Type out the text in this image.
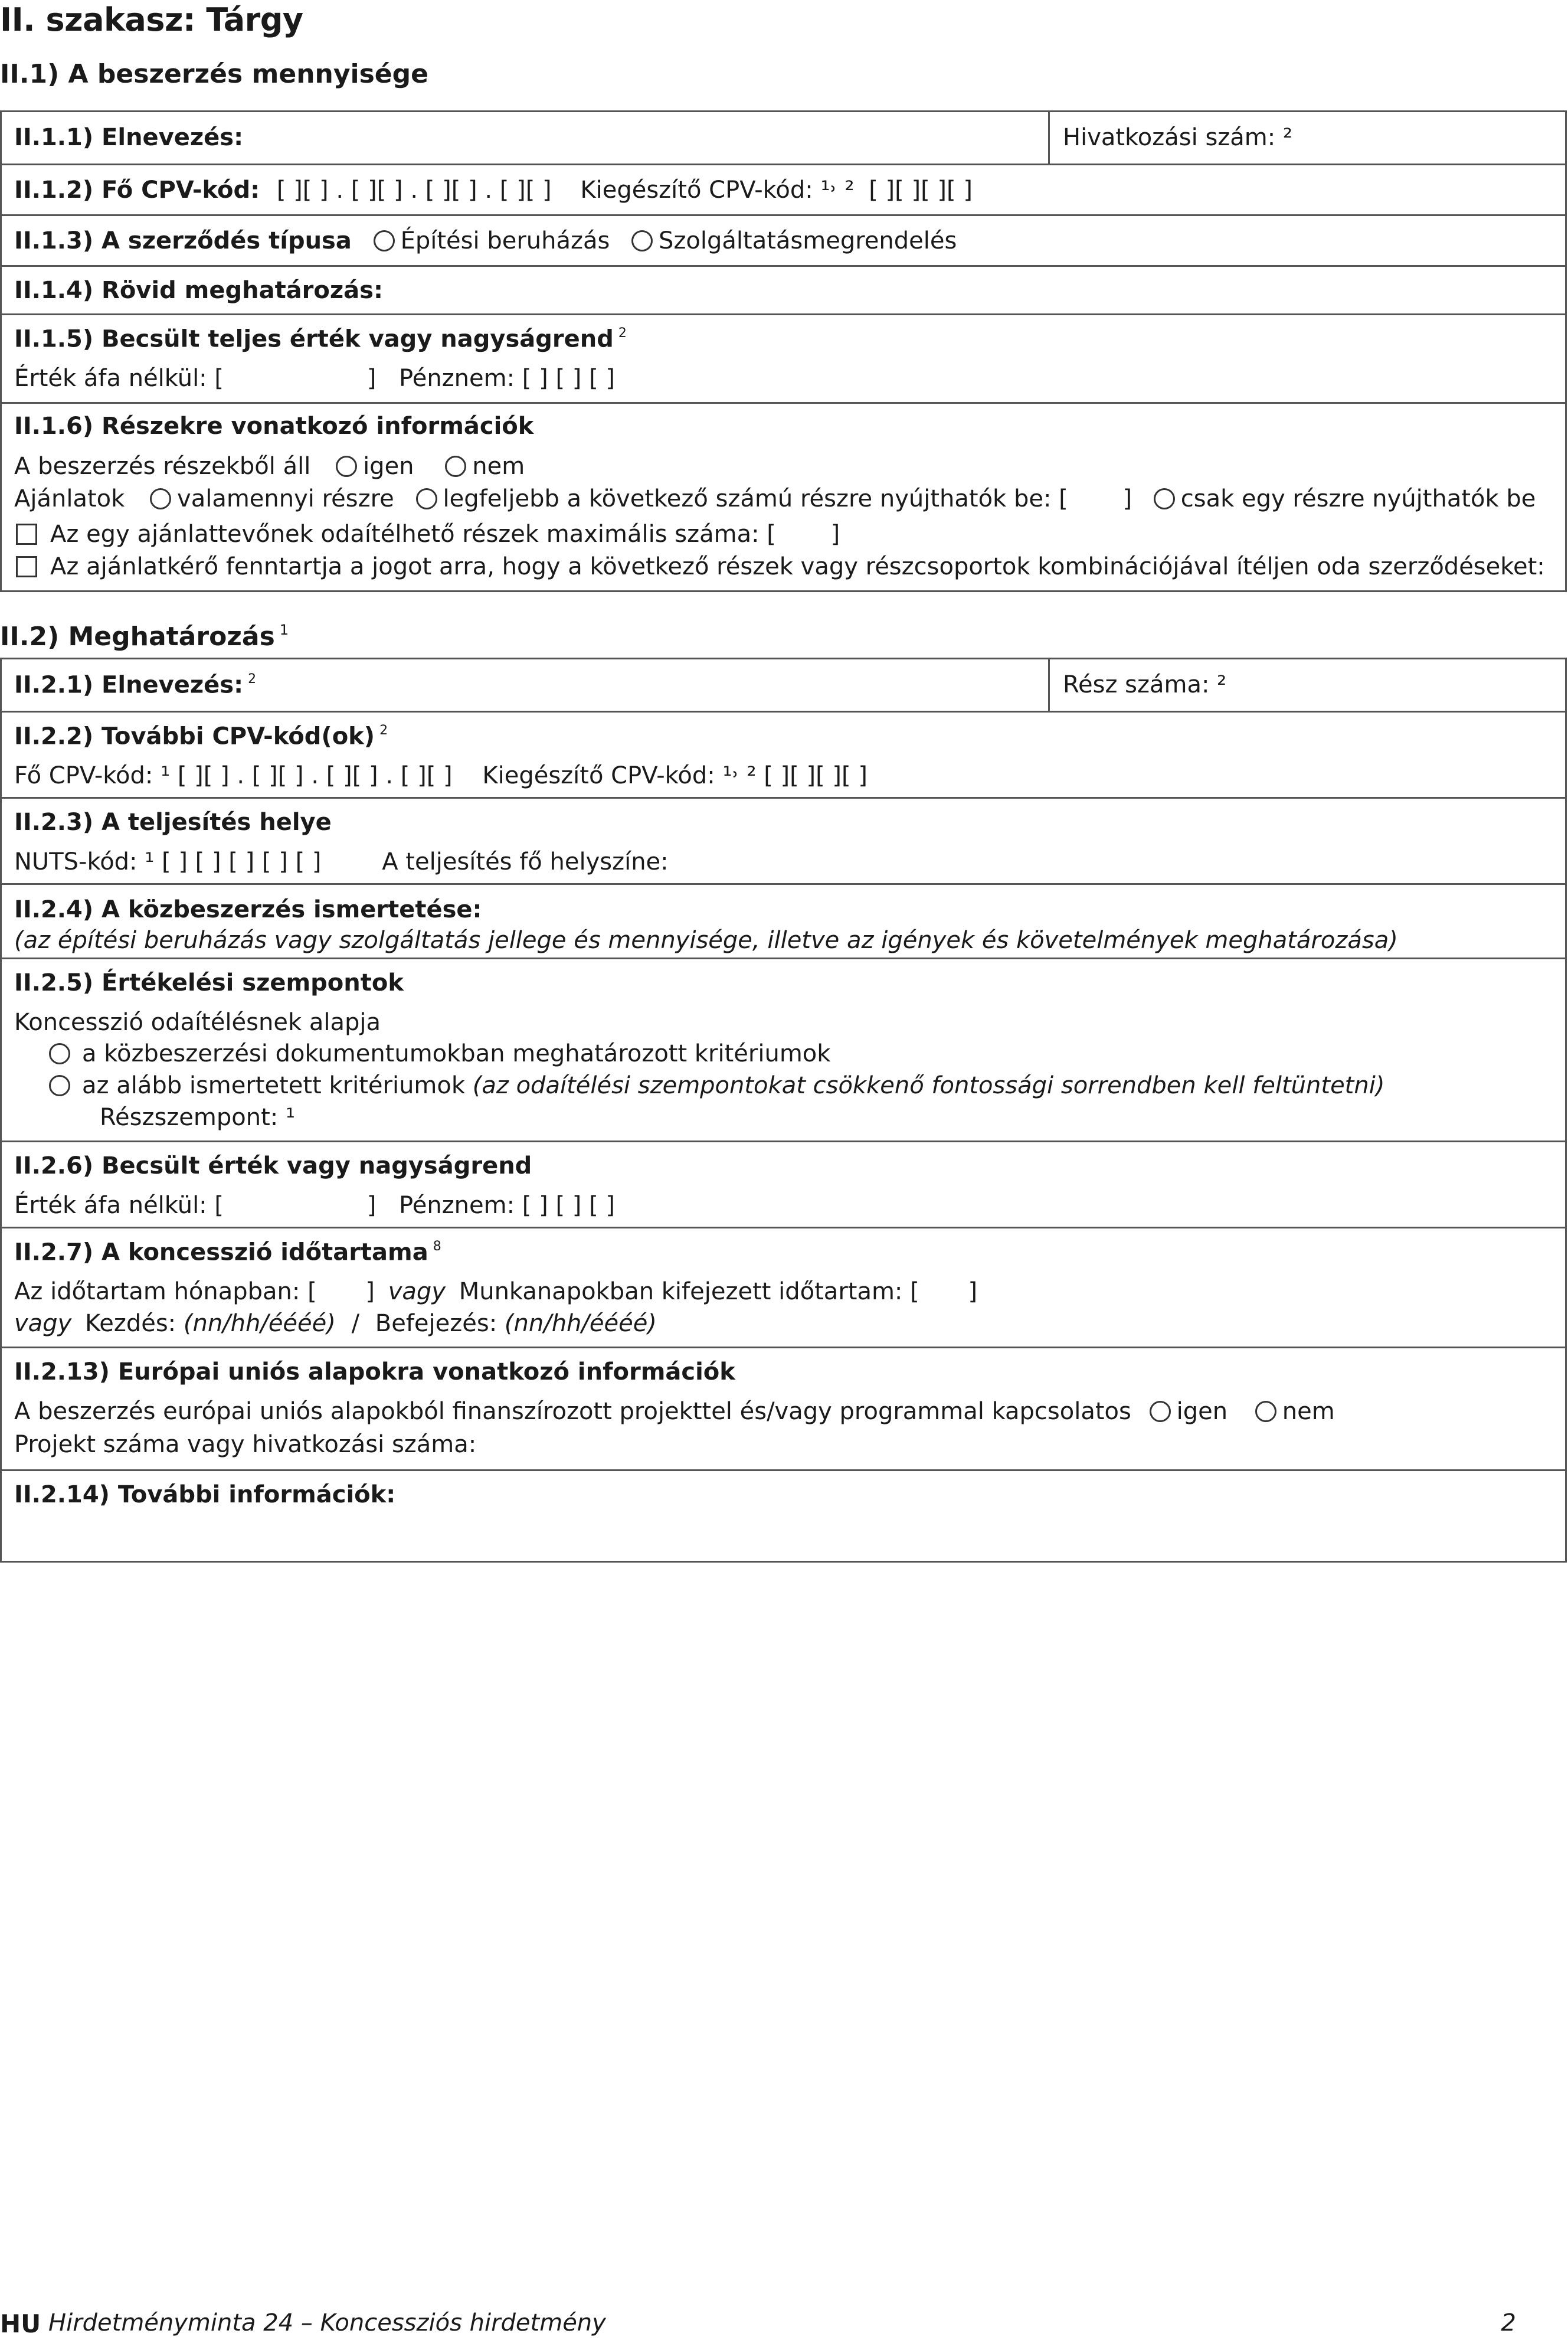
II. szakasz: Tárgy
II.1) A beszerzés mennyisége
II.1.1) Elnevezés:	Hivatkozási szám: ²
II.1.2) Fő CPV-kód: [ ][ ] . [ ][ ] . [ ][ ] . [ ][ ] Kiegészítő CPV-kód: ¹˒ ² [ ][ ][ ][ ]
II.1.3) A szerződés típusa Építési beruházás Szolgáltatásmegrendelés
II.1.4) Rövid meghatározás:
II.1.5) Becsült teljes érték vagy nagyságrend $^2$
Érték áfa nélkül: [	] Pénznem: [ ] [ ] [ ]
II.1.6) Részekre vonatkozó információk
A beszerzés részekből áll igen nem
Ajánlatok valamennyi részre legfeljebb a következő számú részre nyújthatók be: [ ] csak egy részre nyújthatók be
Az egy ajánlattevőnek odaítélhető részek maximális száma: [ ]
Az ajánlatkérő fenntartja a jogot arra, hogy a következő részek vagy részcsoportok kombinációjával ítéljen oda szerződéseket:
II.2) Meghatározás $^1$
II.2.1) Elnevezés: $^2$	Rész száma: ²
II.2.2) További CPV-kód(ok) $^2$
Fő CPV-kód: ¹ [ ][ ] . [ ][ ] . [ ][ ] . [ ][ ] Kiegészítő CPV-kód: ¹˒ ² [ ][ ][ ][ ]
II.2.3) A teljesítés helye
NUTS-kód: ¹ [ ] [ ] [ ] [ ] [ ]	A teljesítés fő helyszíne:
II.2.4) A közbeszerzés ismertetése:
(az építési beruházás vagy szolgáltatás jellege és mennyisége, illetve az igények és követelmények meghatározása)
II.2.5) Értékelési szempontok
Koncesszió odaítélésnek alapja
a közbeszerzési dokumentumokban meghatározott kritériumok
az alább ismertetett kritériumok (az odaítélési szempontokat csökkenő fontossági sorrendben kell feltüntetni)
Részszempont: ¹
II.2.6) Becsült érték vagy nagyságrend
Érték áfa nélkül: [	] Pénznem: [ ] [ ] [ ]
II.2.7) A koncesszió időtartama $^8$
Az időtartam hónapban: [ ] vagy Munkanapokban kifejezett időtartam: [ ]
vagy Kezdés: (nn/hh/éééé) / Befejezés: (nn/hh/éééé)
II.2.13) Európai uniós alapokra vonatkozó információk
A beszerzés európai uniós alapokból finanszírozott projekttel és/vagy programmal kapcsolatos igen nem
Projekt száma vagy hivatkozási száma:
II.2.14) További információk:
HU Hirdetményminta 24 – Koncessziós hirdetmény	2
